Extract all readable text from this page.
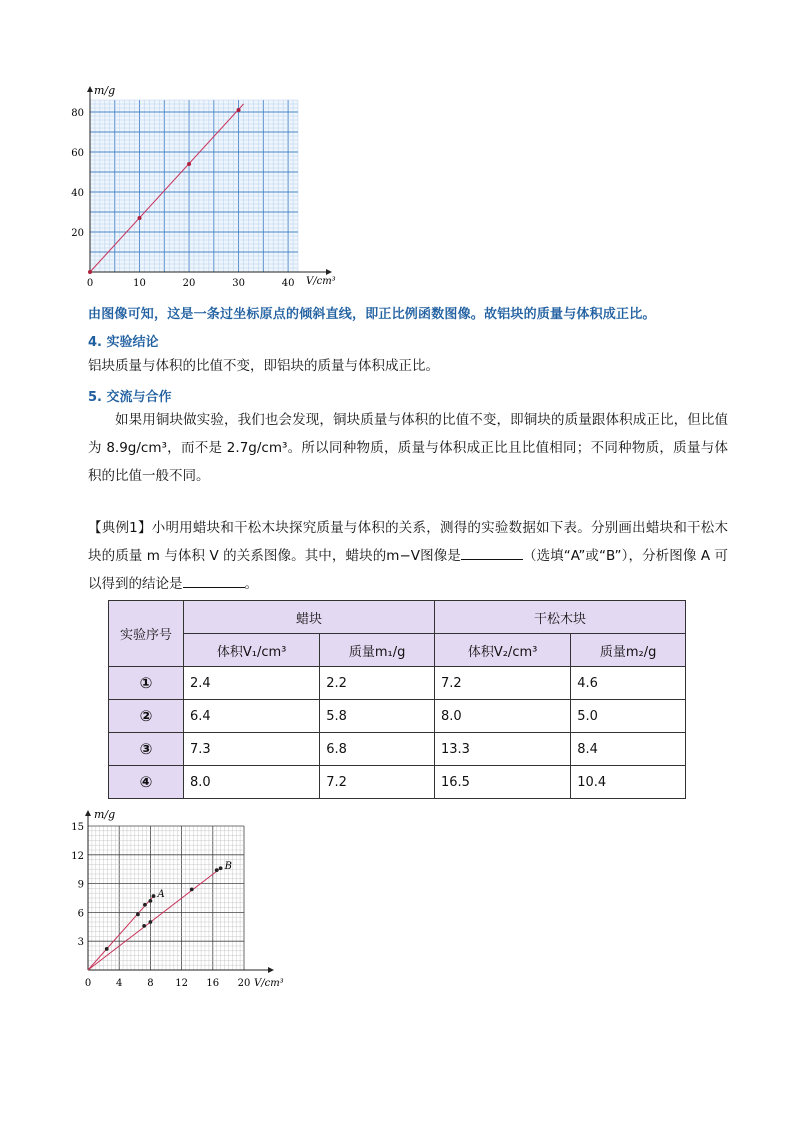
0	10	20	30	40
20
40
60
80
m/g
V/cm³
由图像可知，这是一条过坐标原点的倾斜直线，即正比例函数图像。故铝块的质量与体积成正比。
4. 实验结论
铝块质量与体积的比值不变，即铝块的质量与体积成正比。
5. 交流与合作
如果用铜块做实验，我们也会发现，铜块质量与体积的比值不变，即铜块的质量跟体积成正比，但比值为 8.9g/cm³，而不是 2.7g/cm³。所以同种物质，质量与体积成正比且比值相同；不同种物质，质量与体积的比值一般不同。
【典例1】小明用蜡块和干松木块探究质量与体积的关系，测得的实验数据如下表。分别画出蜡块和干松木块的质量 m 与体积 V 的关系图像。其中，蜡块的m−V图像是	（选填“A”或“B”），分析图像 A 可以得到的结论是	。
实验序号	蜡块		干松木块	
	体积V₁/cm³	质量m₁/g	体积V₂/cm³	质量m₂/g
①	2.4	2.2	7.2	4.6
②	6.4	5.8	8.0	5.0
③	7.3	6.8	13.3	8.4
④	8.0	7.2	16.5	10.4
0 4 8 12 16 20
3
6
9
12
15
A
B
m/g
V/cm³
